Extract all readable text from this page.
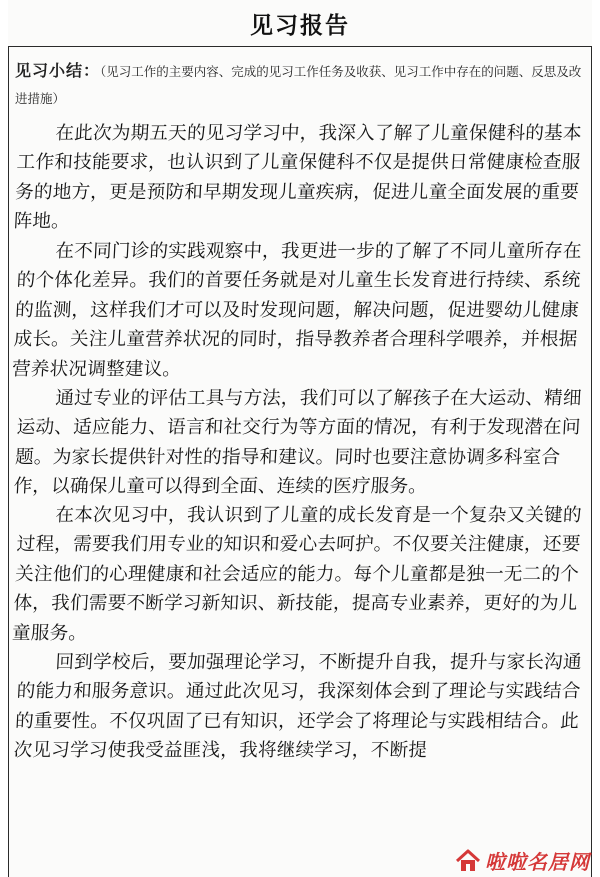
见习报告
见习小结：（见习工作的主要内容、完成的见习工作任务及收获、见习工作中存在的问题、反思及改进措施）

在此次为期五天的见习学习中，我深入了解了儿童保健科的基本工作和技能要求，也认识到了儿童保健科不仅是提供日常健康检查服务的地方，更是预防和早期发现儿童疾病，促进儿童全面发展的重要阵地。

在不同门诊的实践观察中，我更进一步的了解了不同儿童所存在的个体化差异。我们的首要任务就是对儿童生长发育进行持续、系统的监测，这样我们才可以及时发现问题，解决问题，促进婴幼儿健康成长。关注儿童营养状况的同时，指导教养者合理科学喂养，并根据营养状况调整建议。

通过专业的评估工具与方法，我们可以了解孩子在大运动、精细运动、适应能力、语言和社交行为等方面的情况，有利于发现潜在问题。为家长提供针对性的指导和建议。同时也要注意协调多科室合作，以确保儿童可以得到全面、连续的医疗服务。

在本次见习中，我认识到了儿童的成长发育是一个复杂又关键的过程，需要我们用专业的知识和爱心去呵护。不仅要关注健康，还要关注他们的心理健康和社会适应的能力。每个儿童都是独一无二的个体，我们需要不断学习新知识、新技能，提高专业素养，更好的为儿童服务。

回到学校后，要加强理论学习，不断提升自我，提升与家长沟通的能力和服务意识。通过此次见习，我深刻体会到了理论与实践结合的重要性。不仅巩固了已有知识，还学会了将理论与实践相结合。此次见习学习使我受益匪浅，我将继续学习，不断提

啦啦名居网
